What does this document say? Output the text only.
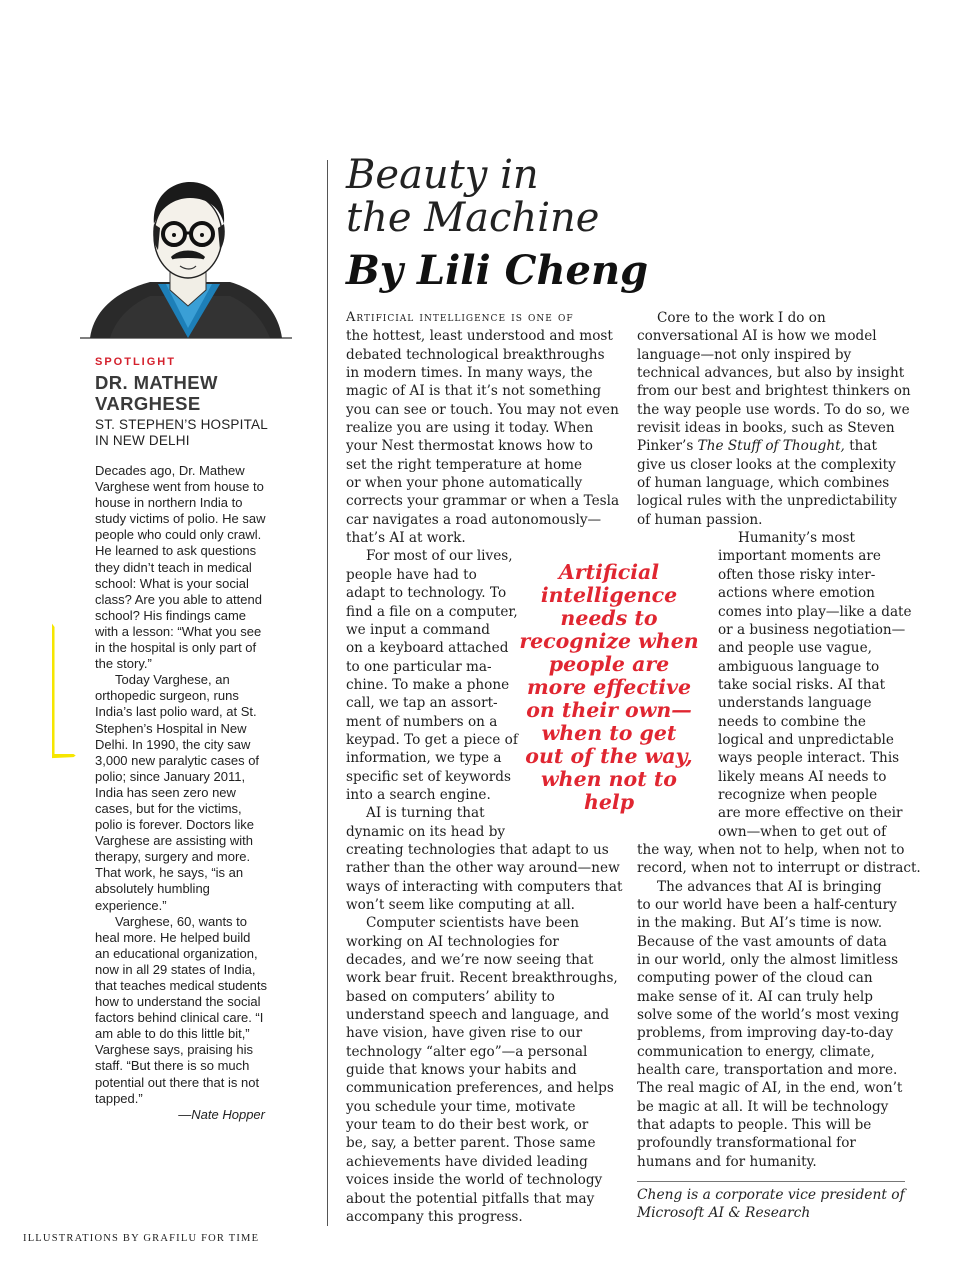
SPOTLIGHT
DR. MATHEW
VARGHESE
ST. STEPHEN’S HOSPITAL
IN NEW DELHI

Decades ago, Dr. Mathew Varghese went from house to house in northern India to study victims of polio. He saw people who could only crawl. He learned to ask questions they didn’t teach in medical school: What is your social class? Are you able to attend school? His findings came with a lesson: “What you see in the hospital is only part of the story.”

Today Varghese, an orthopedic surgeon, runs India’s last polio ward, at St. Stephen’s Hospital in New Delhi. In 1990, the city saw 3,000 new paralytic cases of polio; since January 2011, India has seen zero new cases, but for the victims, polio is forever. Doctors like Varghese are assisting with therapy, surgery and more. That work, he says, “is an absolutely humbling experience.”

Varghese, 60, wants to heal more. He helped build an educational organization, now in all 29 states of India, that teaches medical students how to understand the social factors behind clinical care. “I am able to do this little bit,” Varghese says, praising his staff. “But there is so much potential out there that is not tapped.”

—Nate Hopper
ILLUSTRATIONS BY GRAFILU FOR TIME
Beauty in
the Machine
By Lili Cheng
Artificial intelligence is one of
the hottest, least understood and most
debated technological breakthroughs
in modern times. In many ways, the
magic of AI is that it’s not something
you can see or touch. You may not even
realize you are using it today. When
your Nest thermostat knows how to
set the right temperature at home
or when your phone automatically
corrects your grammar or when a Tesla
car navigates a road autonomously—
that’s AI at work.
For most of our lives,
people have had to
adapt to technology. To
find a file on a computer,
we input a command
on a keyboard attached
to one particular ma-
chine. To make a phone
call, we tap an assort-
ment of numbers on a
keypad. To get a piece of
information, we type a
specific set of keywords
into a search engine.
AI is turning that
dynamic on its head by
creating technologies that adapt to us
rather than the other way around—new
ways of interacting with computers that
won’t seem like computing at all.
Computer scientists have been
working on AI technologies for
decades, and we’re now seeing that
work bear fruit. Recent breakthroughs,
based on computers’ ability to
understand speech and language, and
have vision, have given rise to our
technology “alter ego”—a personal
guide that knows your habits and
communication preferences, and helps
you schedule your time, motivate
your team to do their best work, or
be, say, a better parent. Those same
achievements have divided leading
voices inside the world of technology
about the potential pitfalls that may
accompany this progress.
Artificial
intelligence
needs to
recognize when
people are
more effective
on their own—
when to get
out of the way,
when not to
help
Core to the work I do on
conversational AI is how we model
language—not only inspired by
technical advances, but also by insight
from our best and brightest thinkers on
the way people use words. To do so, we
revisit ideas in books, such as Steven
Pinker’s The Stuff of Thought, that
give us closer looks at the complexity
of human language, which combines
logical rules with the unpredictability
of human passion.
Humanity’s most
important moments are
often those risky inter-
actions where emotion
comes into play—like a date
or a business negotiation—
and people use vague,
ambiguous language to
take social risks. AI that
understands language
needs to combine the
logical and unpredictable
ways people interact. This
likely means AI needs to
recognize when people
are more effective on their
own—when to get out of
the way, when not to help, when not to
record, when not to interrupt or distract.
The advances that AI is bringing
to our world have been a half-century
in the making. But AI’s time is now.
Because of the vast amounts of data
in our world, only the almost limitless
computing power of the cloud can
make sense of it. AI can truly help
solve some of the world’s most vexing
problems, from improving day-to-day
communication to energy, climate,
health care, transportation and more.
The real magic of AI, in the end, won’t
be magic at all. It will be technology
that adapts to people. This will be
profoundly transformational for
humans and for humanity.
Cheng is a corporate vice president of
Microsoft AI & Research
